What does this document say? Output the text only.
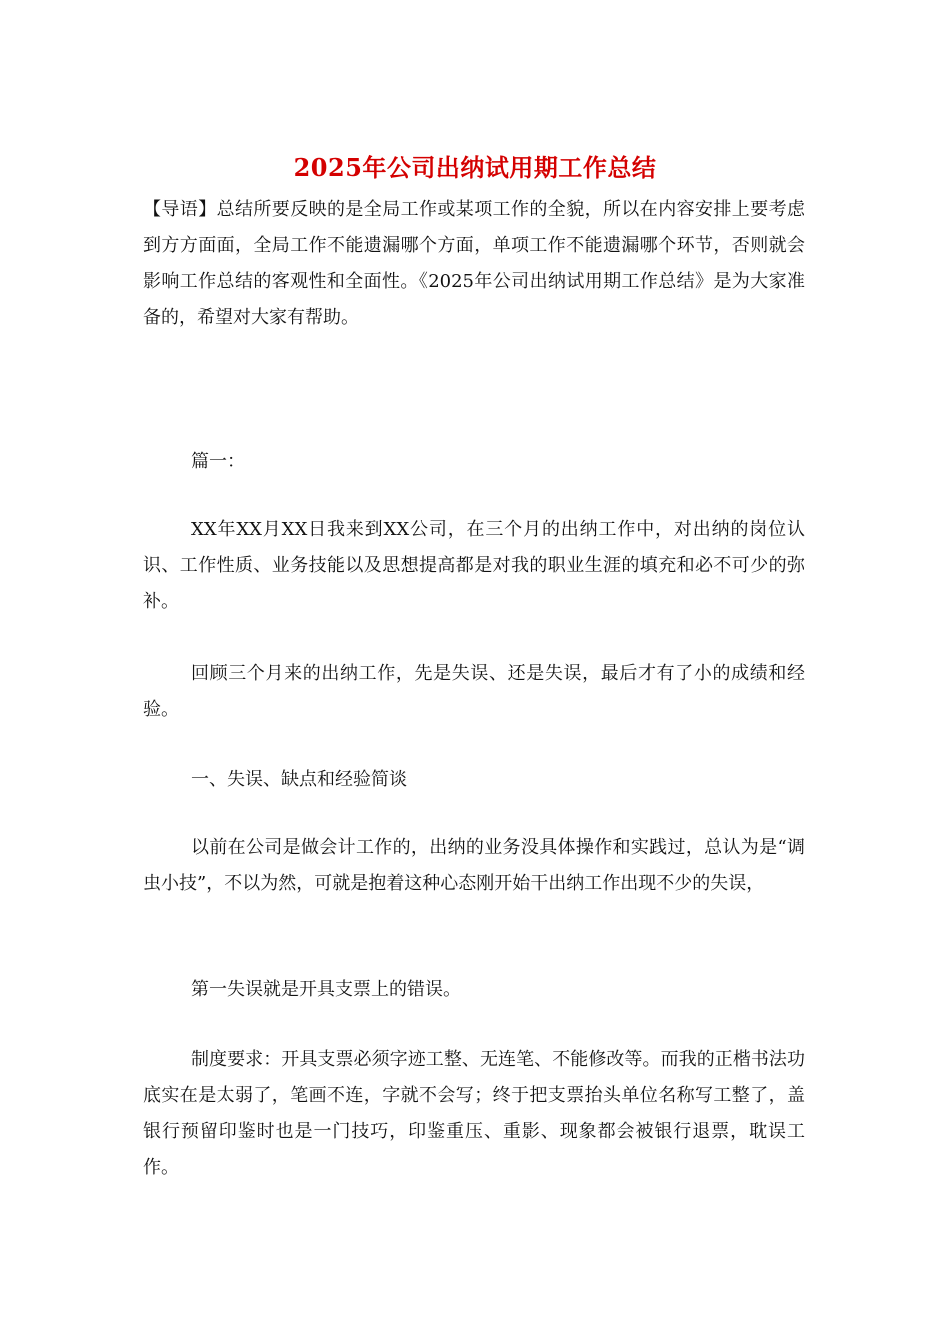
2025年公司出纳试用期工作总结

【导语】总结所要反映的是全局工作或某项工作的全貌，所以在内容安排上要考虑到方方面面，全局工作不能遗漏哪个方面，单项工作不能遗漏哪个环节，否则就会影响工作总结的客观性和全面性。《2025年公司出纳试用期工作总结》是为大家准备的，希望对大家有帮助。

篇一：

XX年XX月XX日我来到XX公司，在三个月的出纳工作中，对出纳的岗位认识、工作性质、业务技能以及思想提高都是对我的职业生涯的填充和必不可少的弥补。

回顾三个月来的出纳工作，先是失误、还是失误，最后才有了小的成绩和经验。

一、失误、缺点和经验简谈

以前在公司是做会计工作的，出纳的业务没具体操作和实践过，总认为是“调虫小技”，不以为然，可就是抱着这种心态刚开始干出纳工作出现不少的失误，

第一失误就是开具支票上的错误。

制度要求：开具支票必须字迹工整、无连笔、不能修改等。而我的正楷书法功底实在是太弱了，笔画不连，字就不会写；终于把支票抬头单位名称写工整了，盖银行预留印鉴时也是一门技巧，印鉴重压、重影、现象都会被银行退票，耽误工作。
